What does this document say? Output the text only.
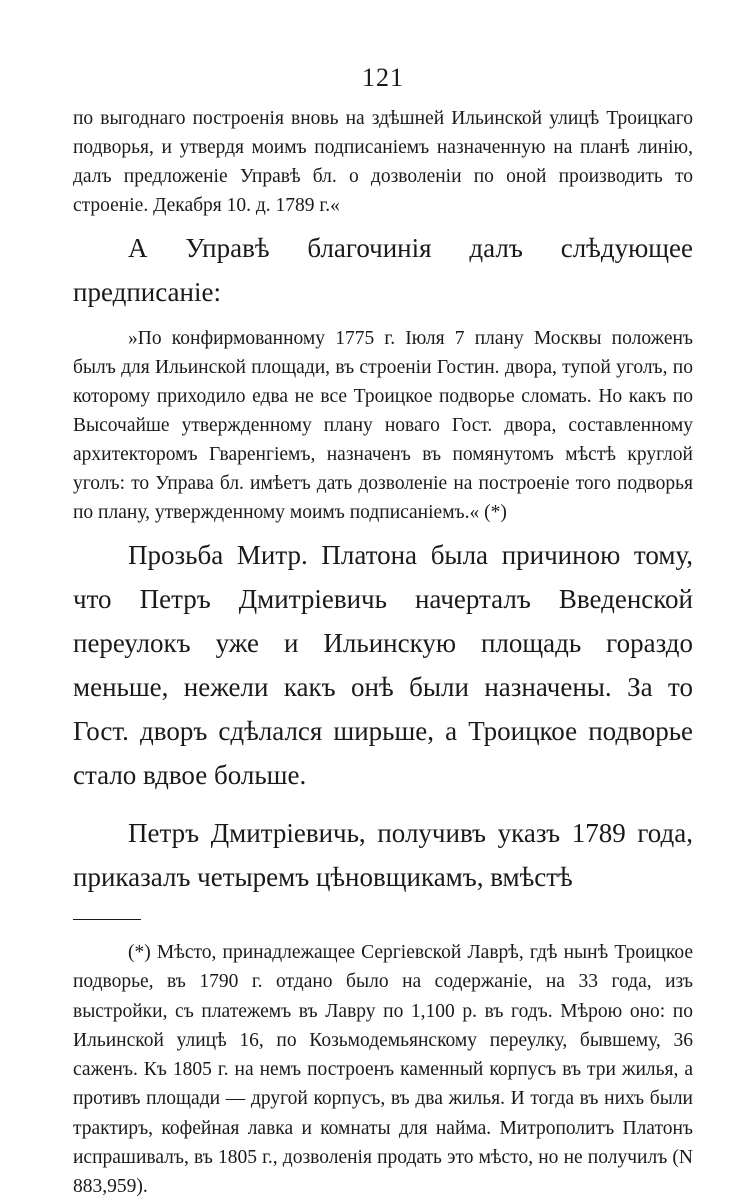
121

по выгоднаго построенія вновь на здѣшней Ильинской улицѣ Троицкаго подворья, и утвердя моимъ подписаніемъ назначенную на планѣ линію, далъ предложеніе Управѣ бл. о дозволеніи по оной производить то строеніе. Декабря 10. д. 1789 г.«

А Управѣ благочинія далъ слѣдующее предписаніе:

»По конфирмованному 1775 г. Іюля 7 плану Москвы положенъ былъ для Ильинской площади, въ строеніи Гостин. двора, тупой уголъ, по которому приходило едва не все Троицкое подворье сломать. Но какъ по Высочайше утвержденному плану новаго Гост. двора, составленному архитекторомъ Гваренгіемъ, назначенъ въ помянутомъ мѣстѣ круглой уголъ: то Управа бл. имѣетъ дать дозволеніе на построеніе того подворья по плану, утвержденному моимъ подписаніемъ.« (*)

Прозьба Митр. Платона была причиною тому, что Петръ Дмитріевичь начерталъ Введенской переулокъ уже и Ильинскую площадь гораздо меньше, нежели какъ онѣ были назначены. За то Гост. дворъ сдѣлался ширьше, а Троицкое подворье стало вдвое больше.

Петръ Дмитріевичь, получивъ указъ 1789 года, приказалъ четыремъ цѣновщикамъ, вмѣстѣ

(*) Мѣсто, принадлежащее Сергіевской Лаврѣ, гдѣ нынѣ Троицкое подворье, въ 1790 г. отдано было на содержаніе, на 33 года, изъ выстройки, съ платежемъ въ Лавру по 1,100 р. въ годъ. Мѣрою оно: по Ильинской улицѣ 16, по Козьмодемьянскому переулку, бывшему, 36 саженъ. Къ 1805 г. на немъ построенъ каменный корпусъ въ три жилья, а противъ площади — другой корпусъ, въ два жилья. И тогда въ нихъ были трактиръ, кофейная лавка и комнаты для найма. Митрополитъ Платонъ испрашивалъ, въ 1805 г., дозволенія продать это мѣсто, но не получилъ (N 883,959).
